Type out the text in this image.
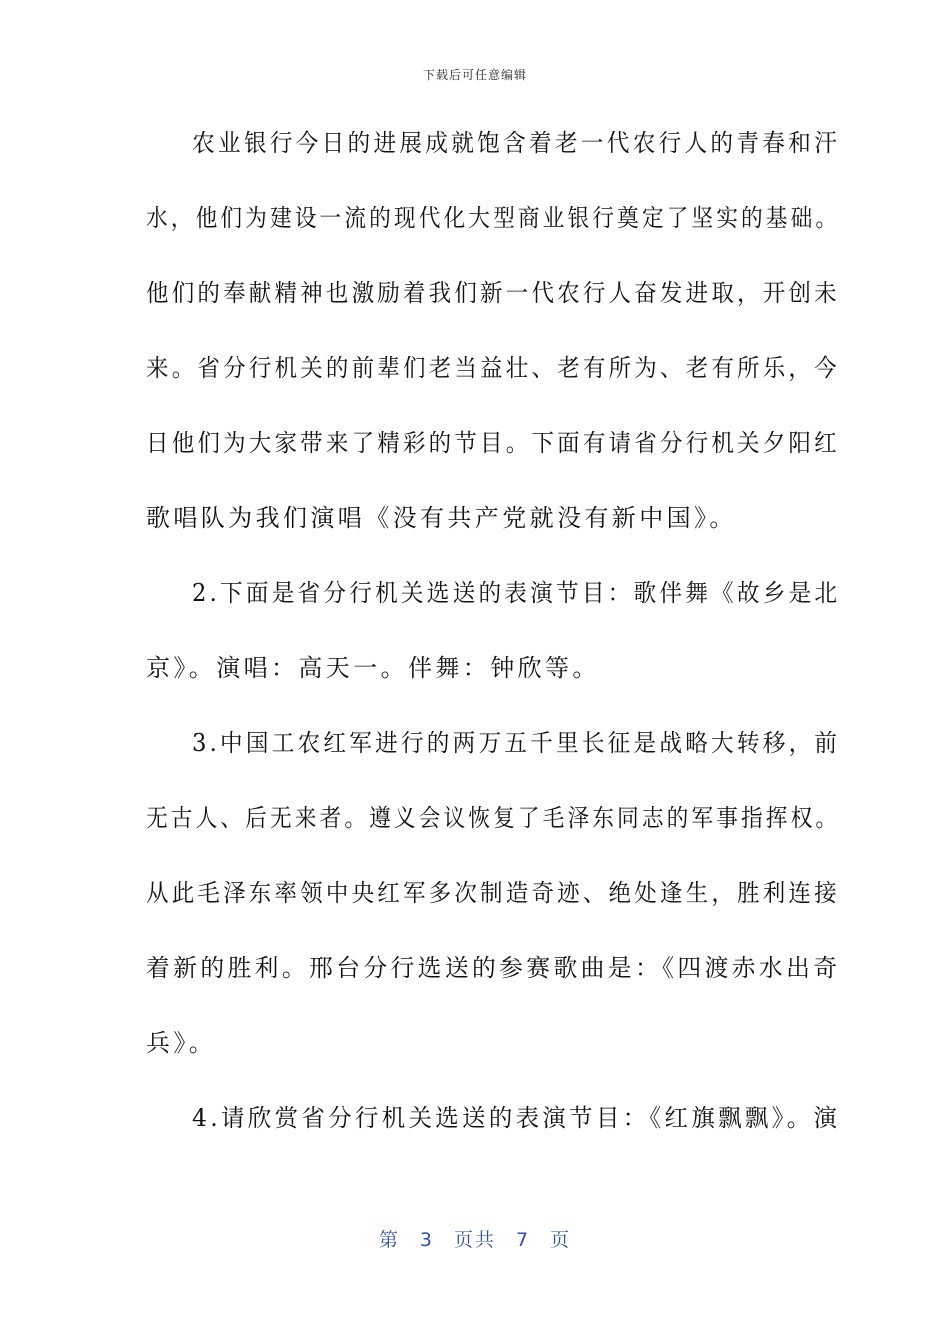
下载后可任意编辑
农业银行今日的进展成就饱含着老一代农行人的青春和汗
水，他们为建设一流的现代化大型商业银行奠定了坚实的基础。
他们的奉献精神也激励着我们新一代农行人奋发进取，开创未
来。省分行机关的前辈们老当益壮、老有所为、老有所乐，今
日他们为大家带来了精彩的节目。下面有请省分行机关夕阳红
歌唱队为我们演唱《没有共产党就没有新中国》。
2.下面是省分行机关选送的表演节目：歌伴舞《故乡是北
京》。演唱：高天一。伴舞：钟欣等。
3.中国工农红军进行的两万五千里长征是战略大转移，前
无古人、后无来者。遵义会议恢复了毛泽东同志的军事指挥权。
从此毛泽东率领中央红军多次制造奇迹、绝处逢生，胜利连接
着新的胜利。邢台分行选送的参赛歌曲是：《四渡赤水出奇
兵》。
4.请欣赏省分行机关选送的表演节目：《红旗飘飘》。演
第 3 页共 7 页
